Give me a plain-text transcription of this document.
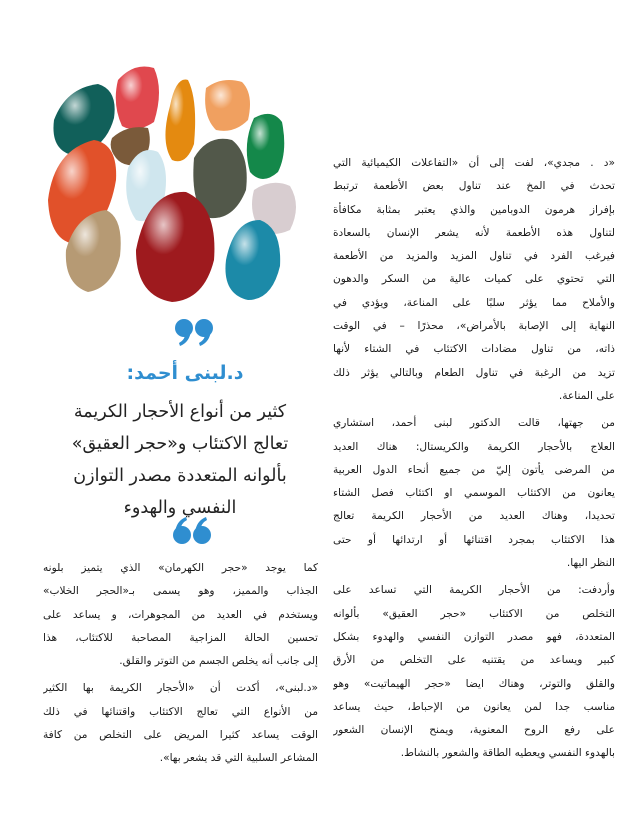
د.لبنى أحمد:
كثير من أنواع الأحجار الكريمة
تعالج الاكتئاب و«حجر العقيق»
بألوانه المتعددة مصدر التوازن
النفسي والهدوء
«د . مجدي»، لفت إلى أن «التفاعلات الكيميائية التي
تحدث في المخ عند تناول بعض الأطعمة ترتبط
بإفراز هرمون الدوبامين والذي يعتبر بمثابة مكافأة
لتناول هذه الأطعمة لأنه يشعر الإنسان بالسعادة
فيرغب الفرد في تناول المزيد والمزيد من الأطعمة
التي تحتوي على كميات عالية من السكر والدهون
والأملاح مما يؤثر سلبًا على المناعة، ويؤدي في
النهاية إلى الإصابة بالأمراض»، محذرًا – في الوقت
ذاته، من تناول مضادات الاكتئاب في الشتاء لأنها
تزيد من الرغبة في تناول الطعام وبالتالي يؤثر ذلك
على المناعة.
من جهتها، قالت الدكتور لبنى أحمد، استشاري
العلاج بالأحجار الكريمة والكريستال: هناك العديد
من المرضى يأتون إليّ من جميع أنحاء الدول العربية
يعانون من الاكتئاب الموسمي او اكتئاب فصل الشتاء
تحديدا، وهناك العديد من الأحجار الكريمة تعالج
هذا الاكتئاب بمجرد اقتنائها أو ارتدائها أو حتى
النظر اليها.
وأردفت: من الأحجار الكريمة التي تساعد على
التخلص من الاكتئاب «حجر العقيق» بألوانه
المتعددة، فهو مصدر التوازن النفسي والهدوء بشكل
كبير ويساعد من يقتنيه على التخلص من الأرق
والقلق والتوتر، وهناك ايضا «حجر الهيماتيت» وهو
مناسب جدا لمن يعانون من الإحباط، حيث يساعد
على رفع الروح المعنوية، ويمنح الإنسان الشعور
بالهدوء النفسي ويعطيه الطاقة والشعور بالنشاط.
كما يوجد «حجر الكهرمان» الذي يتميز بلونه
الجذاب والمميز، وهو يسمى بـ«الحجر الخلاب»
ويستخدم في العديد من المجوهرات، و يساعد على
تحسين الحالة المزاجية المصاحبة للاكتئاب، هذا
إلى جانب أنه يخلص الجسم من التوتر والقلق.
«د.لبنى»، أكدت أن «الأحجار الكريمة بها الكثير
من الأنواع التي تعالج الاكتئاب واقتنائها في ذلك
الوقت يساعد كثيرا المريض على التخلص من كافة
المشاعر السلبية التي قد يشعر بها».
